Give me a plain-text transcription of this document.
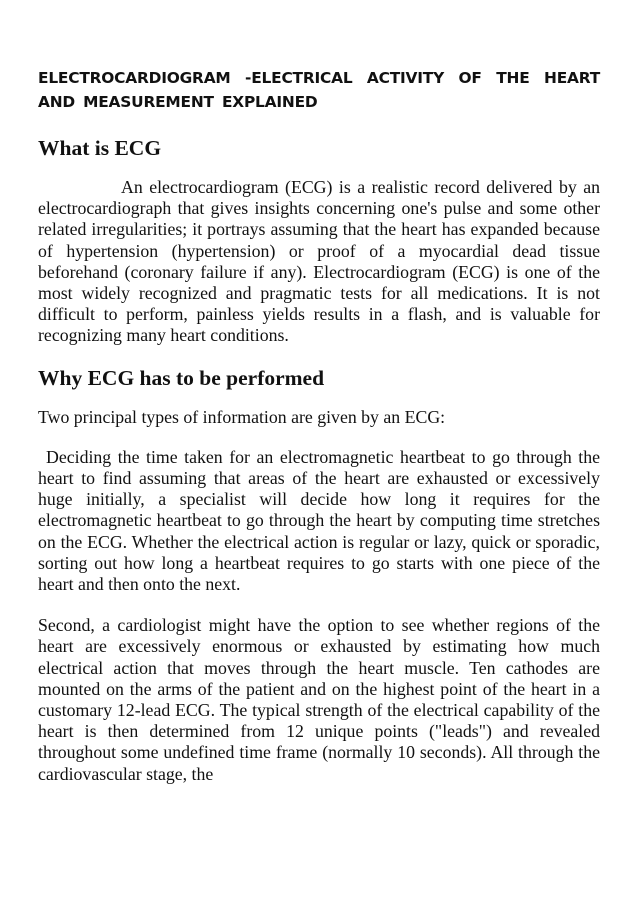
ELECTROCARDIOGRAM -ELECTRICAL ACTIVITY OF THE HEART AND MEASUREMENT EXPLAINED
What is ECG

An electrocardiogram (ECG) is a realistic record delivered by an electrocardiograph that gives insights concerning one's pulse and some other related irregularities; it portrays assuming that the heart has expanded because of hypertension (hypertension) or proof of a myocardial dead tissue beforehand (coronary failure if any). Electrocardiogram (ECG) is one of the most widely recognized and pragmatic tests for all medications. It is not difficult to perform, painless yields results in a flash, and is valuable for recognizing many heart conditions.

Why ECG has to be performed

Two principal types of information are given by an ECG:

Deciding the time taken for an electromagnetic heartbeat to go through the heart to find assuming that areas of the heart are exhausted or excessively huge initially, a specialist will decide how long it requires for the electromagnetic heartbeat to go through the heart by computing time stretches on the ECG. Whether the electrical action is regular or lazy, quick or sporadic, sorting out how long a heartbeat requires to go starts with one piece of the heart and then onto the next.

Second, a cardiologist might have the option to see whether regions of the heart are excessively enormous or exhausted by estimating how much electrical action that moves through the heart muscle. Ten cathodes are mounted on the arms of the patient and on the highest point of the heart in a customary 12-lead ECG. The typical strength of the electrical capability of the heart is then determined from 12 unique points ("leads") and revealed throughout some undefined time frame (normally 10 seconds). All through the cardiovascular stage, the
